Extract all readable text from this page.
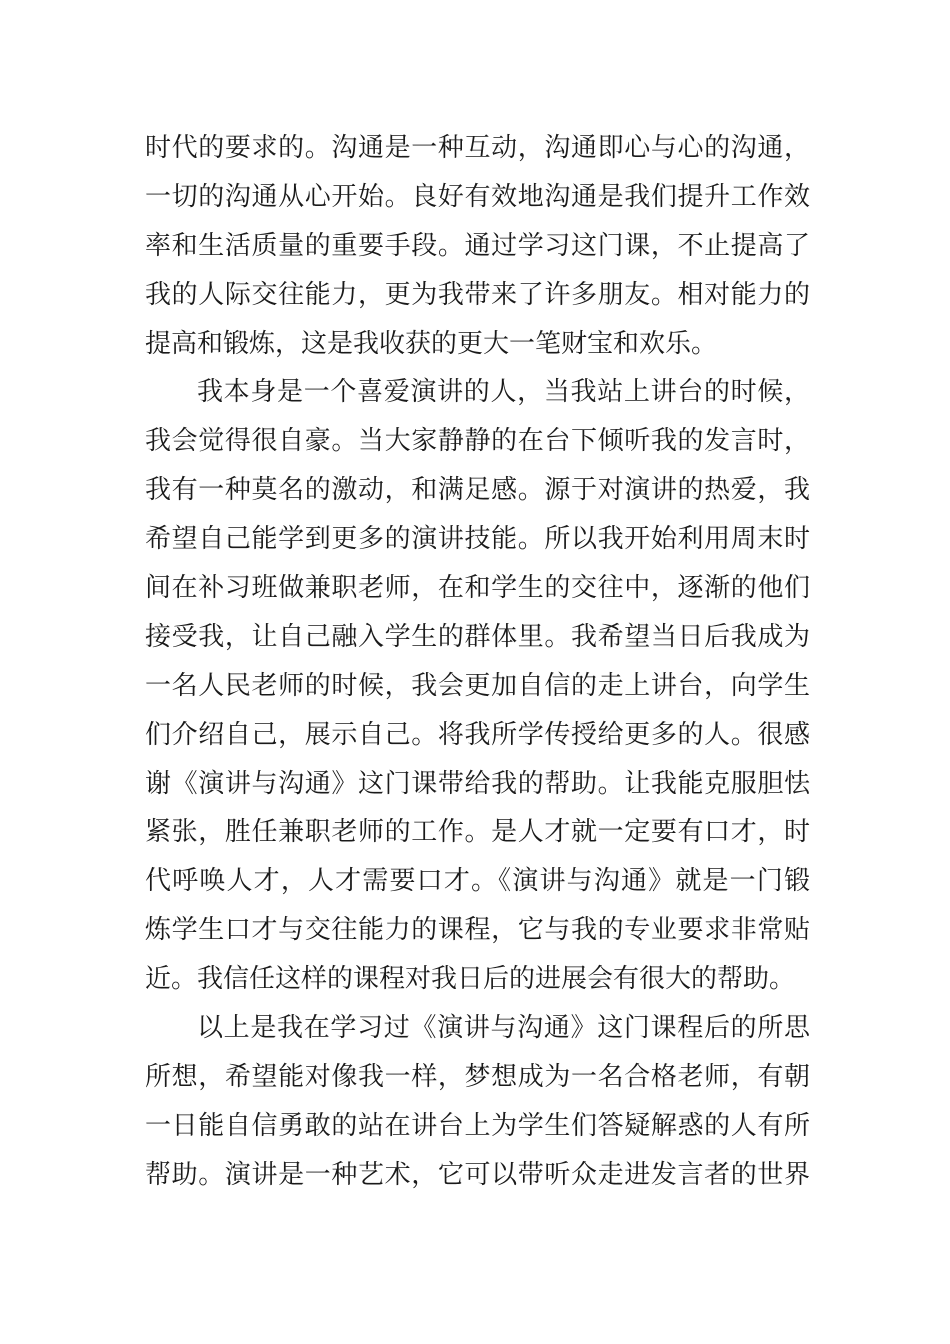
时代的要求的。沟通是一种互动，沟通即心与心的沟通，
一切的沟通从心开始。良好有效地沟通是我们提升工作效
率和生活质量的重要手段。通过学习这门课，不止提高了
我的人际交往能力，更为我带来了许多朋友。相对能力的
提高和锻炼，这是我收获的更大一笔财宝和欢乐。
我本身是一个喜爱演讲的人，当我站上讲台的时候，
我会觉得很自豪。当大家静静的在台下倾听我的发言时，
我有一种莫名的激动，和满足感。源于对演讲的热爱，我
希望自己能学到更多的演讲技能。所以我开始利用周末时
间在补习班做兼职老师，在和学生的交往中，逐渐的他们
接受我，让自己融入学生的群体里。我希望当日后我成为
一名人民老师的时候，我会更加自信的走上讲台，向学生
们介绍自己，展示自己。将我所学传授给更多的人。很感
谢《演讲与沟通》这门课带给我的帮助。让我能克服胆怯
紧张，胜任兼职老师的工作。是人才就一定要有口才，时
代呼唤人才，人才需要口才。《演讲与沟通》就是一门锻
炼学生口才与交往能力的课程，它与我的专业要求非常贴
近。我信任这样的课程对我日后的进展会有很大的帮助。
以上是我在学习过《演讲与沟通》这门课程后的所思
所想，希望能对像我一样，梦想成为一名合格老师，有朝
一日能自信勇敢的站在讲台上为学生们答疑解惑的人有所
帮助。演讲是一种艺术，它可以带听众走进发言者的世界
